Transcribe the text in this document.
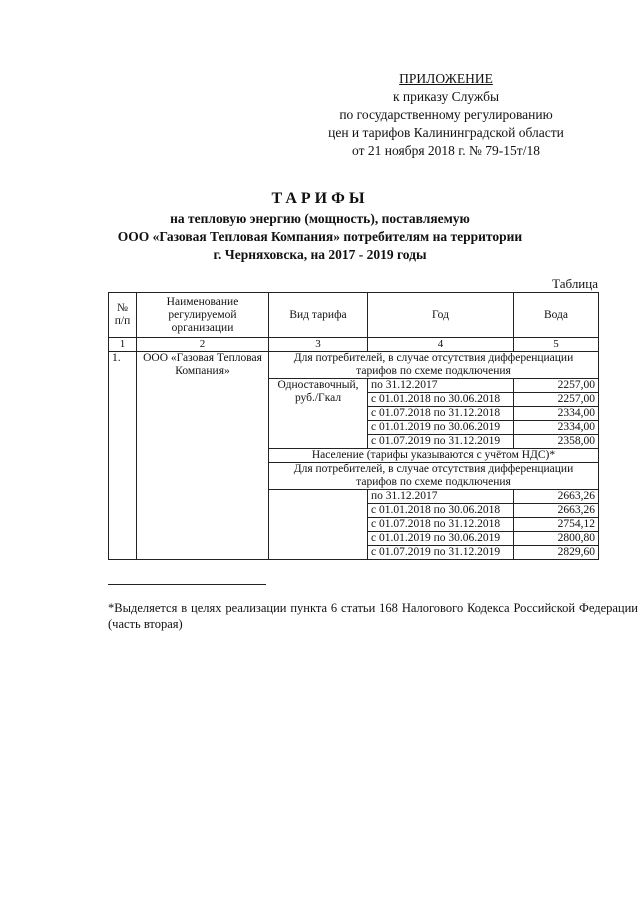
ПРИЛОЖЕНИЕ
к приказу Службы
по государственному регулированию
цен и тарифов Калининградской области
от 21 ноября 2018 г. № 79-15т/18
ТАРИФЫ
на тепловую энергию (мощность), поставляемую
ООО «Газовая Тепловая Компания» потребителям на территории
г. Черняховска, на 2017 - 2019 годы
Таблица
№ п/п	Наименование регулируемой организации	Вид тарифа	Год	Вода
1	2	3	4	5
1.	ООО «Газовая Тепловая Компания»	Для потребителей, в случае отсутствия дифференциации тарифов по схеме подключения		
		Одноставочный, руб./Гкал	по 31.12.2017	2257,00
			с 01.01.2018 по 30.06.2018	2257,00
			с 01.07.2018 по 31.12.2018	2334,00
			с 01.01.2019 по 30.06.2019	2334,00
			с 01.07.2019 по 31.12.2019	2358,00
		Население (тарифы указываются с учётом НДС)*		
		Для потребителей, в случае отсутствия дифференциации тарифов по схеме подключения		
			по 31.12.2017	2663,26
			с 01.01.2018 по 30.06.2018	2663,26
			с 01.07.2018 по 31.12.2018	2754,12
			с 01.01.2019 по 30.06.2019	2800,80
			с 01.07.2019 по 31.12.2019	2829,60
*Выделяется в целях реализации пункта 6 статьи 168 Налогового Кодекса Российской Федерации (часть вторая)
